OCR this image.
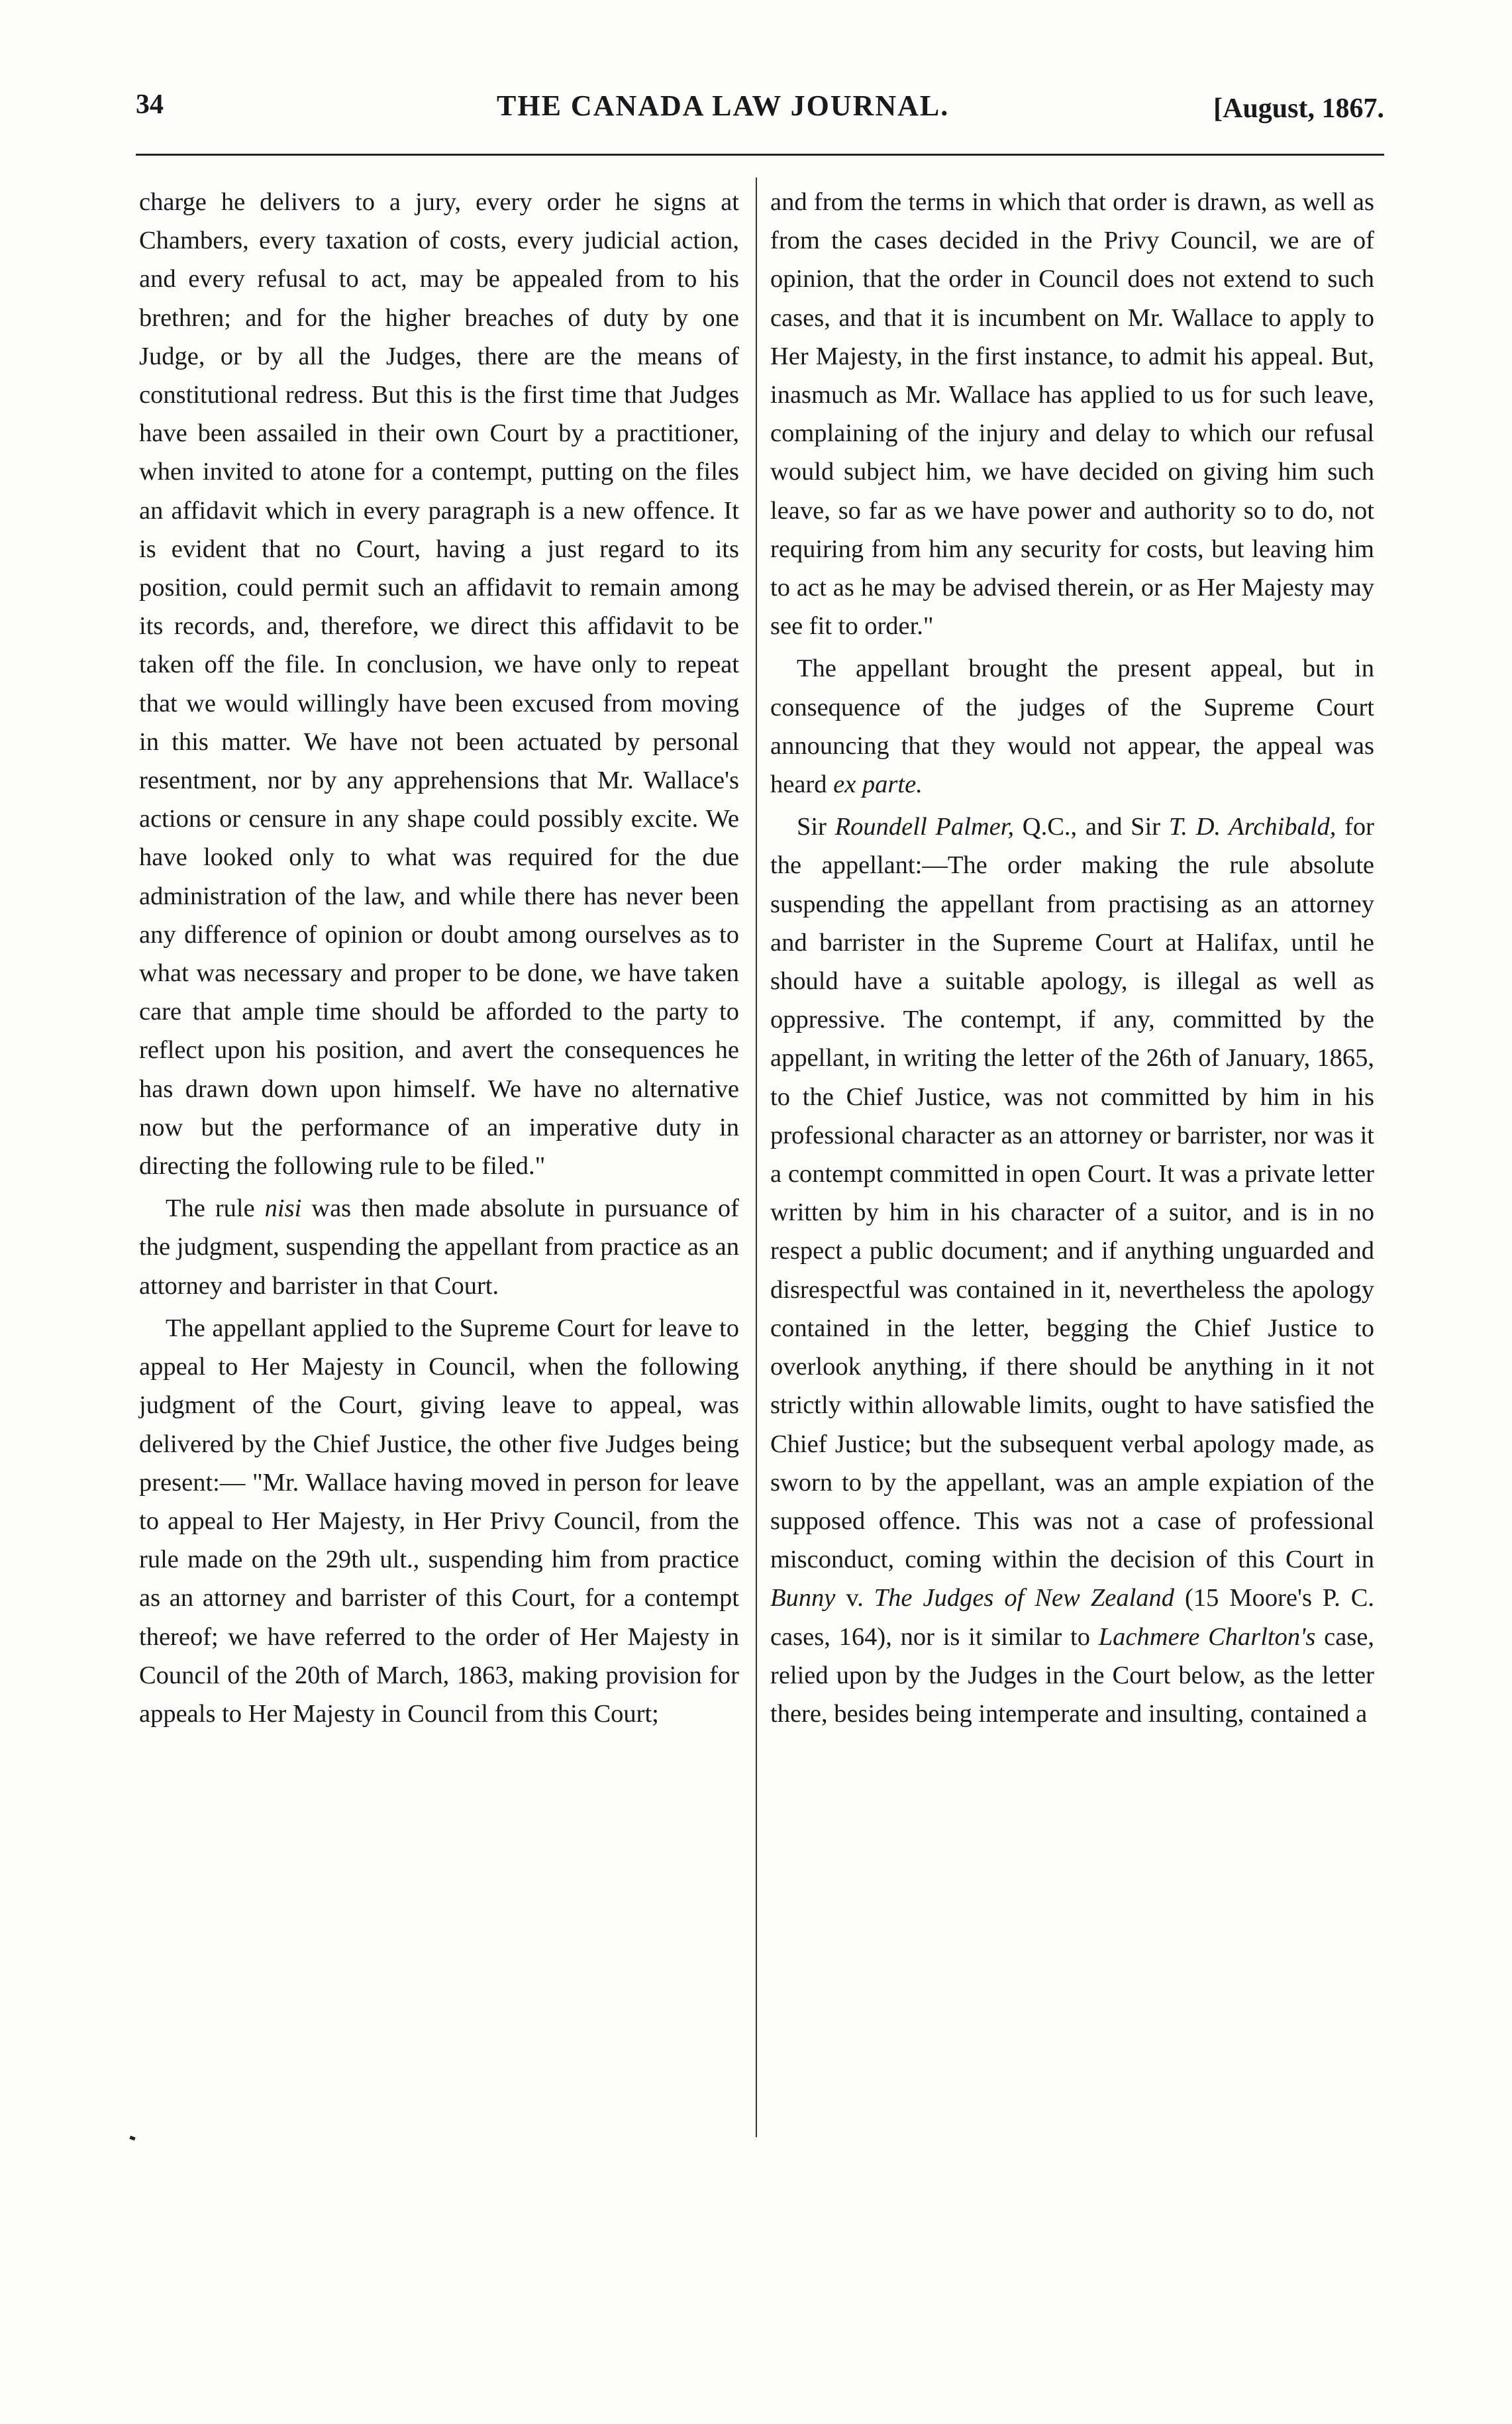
34	THE CANADA LAW JOURNAL.	[August, 1867.

charge he delivers to a jury, every order he signs at Chambers, every taxation of costs, every judicial action, and every refusal to act, may be appealed from to his brethren; and for the higher breaches of duty by one Judge, or by all the Judges, there are the means of constitutional redress. But this is the first time that Judges have been assailed in their own Court by a practitioner, when invited to atone for a contempt, putting on the files an affidavit which in every paragraph is a new offence. It is evident that no Court, having a just regard to its position, could permit such an affidavit to remain among its records, and, therefore, we direct this affidavit to be taken off the file. In conclusion, we have only to repeat that we would willingly have been excused from moving in this matter. We have not been actuated by personal resentment, nor by any apprehensions that Mr. Wallace's actions or censure in any shape could possibly excite. We have looked only to what was required for the due administration of the law, and while there has never been any difference of opinion or doubt among ourselves as to what was necessary and proper to be done, we have taken care that ample time should be afforded to the party to reflect upon his position, and avert the consequences he has drawn down upon himself. We have no alternative now but the performance of an imperative duty in directing the following rule to be filed."

The rule nisi was then made absolute in pursuance of the judgment, suspending the appellant from practice as an attorney and barrister in that Court.

The appellant applied to the Supreme Court for leave to appeal to Her Majesty in Council, when the following judgment of the Court, giving leave to appeal, was delivered by the Chief Justice, the other five Judges being present:— "Mr. Wallace having moved in person for leave to appeal to Her Majesty, in Her Privy Council, from the rule made on the 29th ult., suspending him from practice as an attorney and barrister of this Court, for a contempt thereof; we have referred to the order of Her Majesty in Council of the 20th of March, 1863, making provision for appeals to Her Majesty in Council from this Court;

and from the terms in which that order is drawn, as well as from the cases decided in the Privy Council, we are of opinion, that the order in Council does not extend to such cases, and that it is incumbent on Mr. Wallace to apply to Her Majesty, in the first instance, to admit his appeal. But, inasmuch as Mr. Wallace has applied to us for such leave, complaining of the injury and delay to which our refusal would subject him, we have decided on giving him such leave, so far as we have power and authority so to do, not requiring from him any security for costs, but leaving him to act as he may be advised therein, or as Her Majesty may see fit to order."

The appellant brought the present appeal, but in consequence of the judges of the Supreme Court announcing that they would not appear, the appeal was heard ex parte.

Sir Roundell Palmer, Q.C., and Sir T. D. Archibald, for the appellant:—The order making the rule absolute suspending the appellant from practising as an attorney and barrister in the Supreme Court at Halifax, until he should have a suitable apology, is illegal as well as oppressive. The contempt, if any, committed by the appellant, in writing the letter of the 26th of January, 1865, to the Chief Justice, was not committed by him in his professional character as an attorney or barrister, nor was it a contempt committed in open Court. It was a private letter written by him in his character of a suitor, and is in no respect a public document; and if anything unguarded and disrespectful was contained in it, nevertheless the apology contained in the letter, begging the Chief Justice to overlook anything, if there should be anything in it not strictly within allowable limits, ought to have satisfied the Chief Justice; but the subsequent verbal apology made, as sworn to by the appellant, was an ample expiation of the supposed offence. This was not a case of professional misconduct, coming within the decision of this Court in Bunny v. The Judges of New Zealand (15 Moore's P. C. cases, 164), nor is it similar to Lachmere Charlton's case, relied upon by the Judges in the Court below, as the letter there, besides being intemperate and insulting, contained a
